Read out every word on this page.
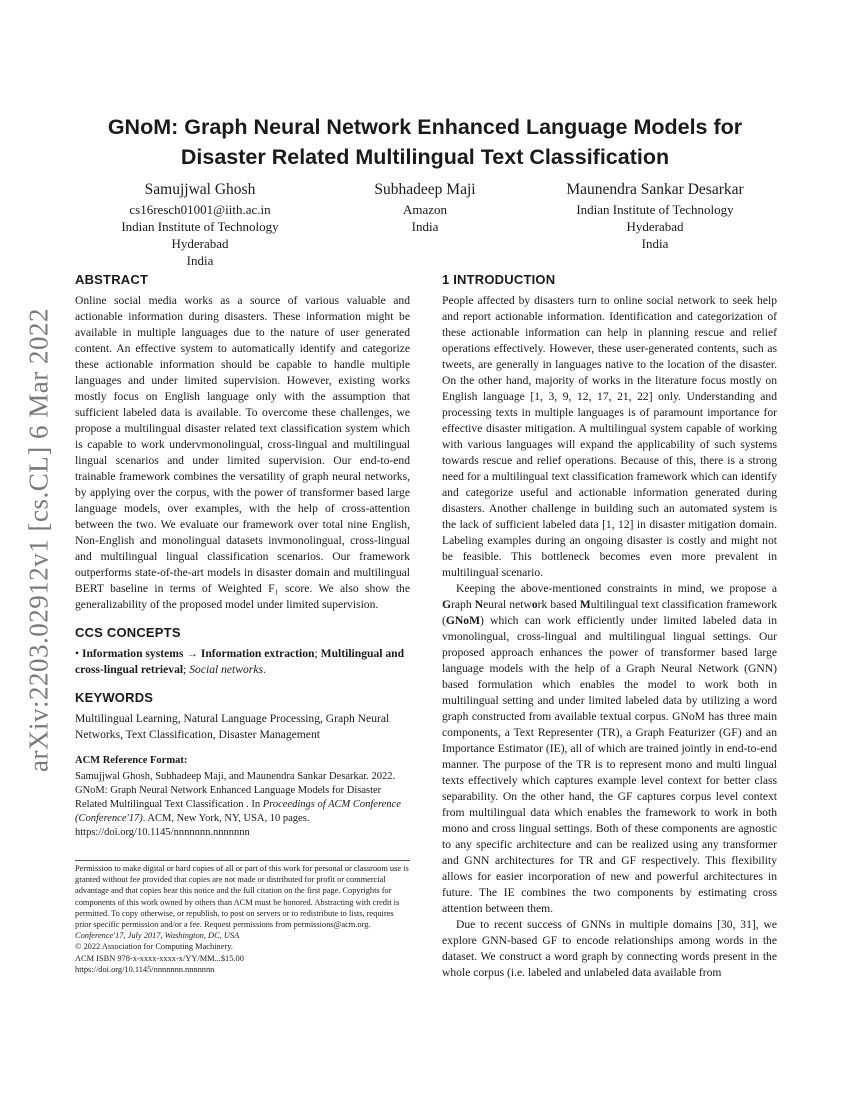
arXiv:2203.02912v1 [cs.CL] 6 Mar 2022
GNoM: Graph Neural Network Enhanced Language Models for Disaster Related Multilingual Text Classification
Samujjwal Ghosh
cs16resch01001@iith.ac.in
Indian Institute of Technology
Hyderabad
India
Subhadeep Maji
Amazon
India
Maunendra Sankar Desarkar
Indian Institute of Technology
Hyderabad
India
ABSTRACT

Online social media works as a source of various valuable and actionable information during disasters. These information might be available in multiple languages due to the nature of user generated content. An effective system to automatically identify and categorize these actionable information should be capable to handle multiple languages and under limited supervision. However, existing works mostly focus on English language only with the assumption that sufficient labeled data is available. To overcome these challenges, we propose a multilingual disaster related text classification system which is capable to work undervmonolingual, cross-lingual and multilingual lingual scenarios and under limited supervision. Our end-to-end trainable framework combines the versatility of graph neural networks, by applying over the corpus, with the power of transformer based large language models, over examples, with the help of cross-attention between the two. We evaluate our framework over total nine English, Non-English and monolingual datasets invmonolingual, cross-lingual and multilingual lingual classification scenarios. Our framework outperforms state-of-the-art models in disaster domain and multilingual BERT baseline in terms of Weighted F₁ score. We also show the generalizability of the proposed model under limited supervision.

CCS CONCEPTS

• Information systems → Information extraction; Multilingual and cross-lingual retrieval; Social networks.

KEYWORDS

Multilingual Learning, Natural Language Processing, Graph Neural Networks, Text Classification, Disaster Management

ACM Reference Format:

Samujjwal Ghosh, Subhadeep Maji, and Maunendra Sankar Desarkar. 2022. GNoM: Graph Neural Network Enhanced Language Models for Disaster Related Multilingual Text Classification . In Proceedings of ACM Conference (Conference'17). ACM, New York, NY, USA, 10 pages. https://doi.org/10.1145/nnnnnnn.nnnnnnn

Permission to make digital or hard copies of all or part of this work for personal or classroom use is granted without fee provided that copies are not made or distributed for profit or commercial advantage and that copies bear this notice and the full citation on the first page. Copyrights for components of this work owned by others than ACM must be honored. Abstracting with credit is permitted. To copy otherwise, or republish, to post on servers or to redistribute to lists, requires prior specific permission and/or a fee. Request permissions from permissions@acm.org.
Conference'17, July 2017, Washington, DC, USA
© 2022 Association for Computing Machinery.
ACM ISBN 978-x-xxxx-xxxx-x/YY/MM...$15.00
https://doi.org/10.1145/nnnnnnn.nnnnnnn
1 INTRODUCTION

People affected by disasters turn to online social network to seek help and report actionable information. Identification and categorization of these actionable information can help in planning rescue and relief operations effectively. However, these user-generated contents, such as tweets, are generally in languages native to the location of the disaster. On the other hand, majority of works in the literature focus mostly on English language [1, 3, 9, 12, 17, 21, 22] only. Understanding and processing texts in multiple languages is of paramount importance for effective disaster mitigation. A multilingual system capable of working with various languages will expand the applicability of such systems towards rescue and relief operations. Because of this, there is a strong need for a multilingual text classification framework which can identify and categorize useful and actionable information generated during disasters. Another challenge in building such an automated system is the lack of sufficient labeled data [1, 12] in disaster mitigation domain. Labeling examples during an ongoing disaster is costly and might not be feasible. This bottleneck becomes even more prevalent in multilingual scenario.

Keeping the above-mentioned constraints in mind, we propose a Graph Neural network based Multilingual text classification framework (GNoM) which can work efficiently under limited labeled data in vmonolingual, cross-lingual and multilingual lingual settings. Our proposed approach enhances the power of transformer based large language models with the help of a Graph Neural Network (GNN) based formulation which enables the model to work both in multilingual setting and under limited labeled data by utilizing a word graph constructed from available textual corpus. GNoM has three main components, a Text Representer (TR), a Graph Featurizer (GF) and an Importance Estimator (IE), all of which are trained jointly in end-to-end manner. The purpose of the TR is to represent mono and multi lingual texts effectively which captures example level context for better class separability. On the other hand, the GF captures corpus level context from multilingual data which enables the framework to work in both mono and cross lingual settings. Both of these components are agnostic to any specific architecture and can be realized using any transformer and GNN architectures for TR and GF respectively. This flexibility allows for easier incorporation of new and powerful architectures in future. The IE combines the two components by estimating cross attention between them.

Due to recent success of GNNs in multiple domains [30, 31], we explore GNN-based GF to encode relationships among words in the dataset. We construct a word graph by connecting words present in the whole corpus (i.e. labeled and unlabeled data available from
